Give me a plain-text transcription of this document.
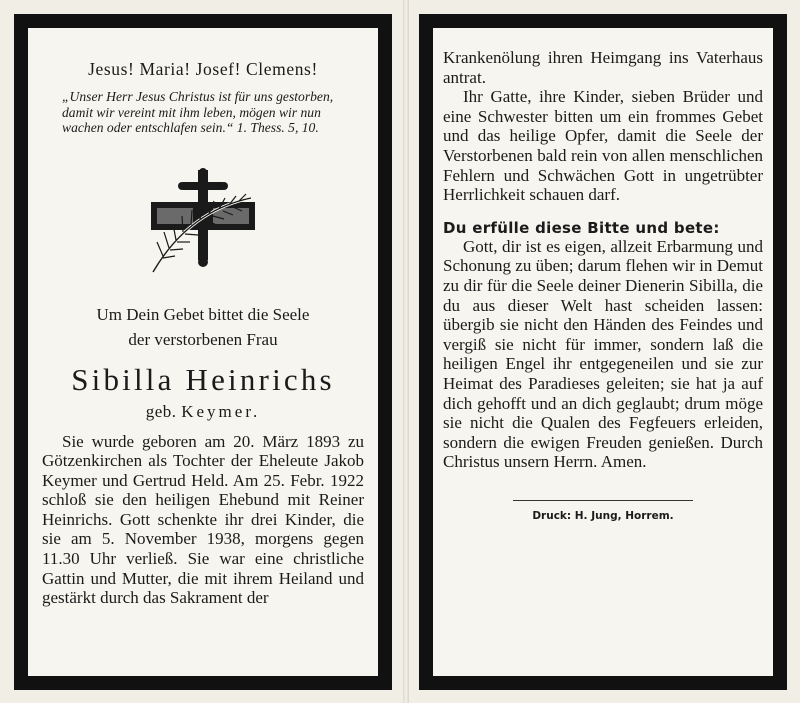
Jesus! Maria! Josef! Clemens!
„Unser Herr Jesus Christus ist für uns gestorben, damit wir vereint mit ihm leben, mögen wir nun wachen oder entschlafen sein.“ 1. Thess. 5, 10.
Um Dein Gebet bittet die Seele
der verstorbenen Frau
Sibilla Heinrichs
geb. Keymer.
Sie wurde geboren am 20. März 1893 zu Götzenkirchen als Tochter der Eheleute Jakob Keymer und Gertrud Held. Am 25. Febr. 1922 schloß sie den heiligen Ehebund mit Reiner Heinrichs. Gott schenkte ihr drei Kinder, die sie am 5. November 1938, morgens gegen 11.30 Uhr verließ. Sie war eine christliche Gattin und Mutter, die mit ihrem Heiland und gestärkt durch das Sakrament der
Krankenölung ihren Heimgang ins Vaterhaus antrat.
Ihr Gatte, ihre Kinder, sieben Brüder und eine Schwester bitten um ein frommes Gebet und das heilige Opfer, damit die Seele der Verstorbenen bald rein von allen menschlichen Fehlern und Schwächen Gott in ungetrübter Herrlichkeit schauen darf.
Du erfülle diese Bitte und bete:
Gott, dir ist es eigen, allzeit Erbarmung und Schonung zu üben; darum flehen wir in Demut zu dir für die Seele deiner Dienerin Sibilla, die du aus dieser Welt hast scheiden lassen: übergib sie nicht den Händen des Feindes und vergiß sie nicht für immer, sondern laß die heiligen Engel ihr entgegeneilen und sie zur Heimat des Paradieses geleiten; sie hat ja auf dich gehofft und an dich geglaubt; drum möge sie nicht die Qualen des Fegfeuers erleiden, sondern die ewigen Freuden genießen. Durch Christus unsern Herrn. Amen.
Druck: H. Jung, Horrem.
